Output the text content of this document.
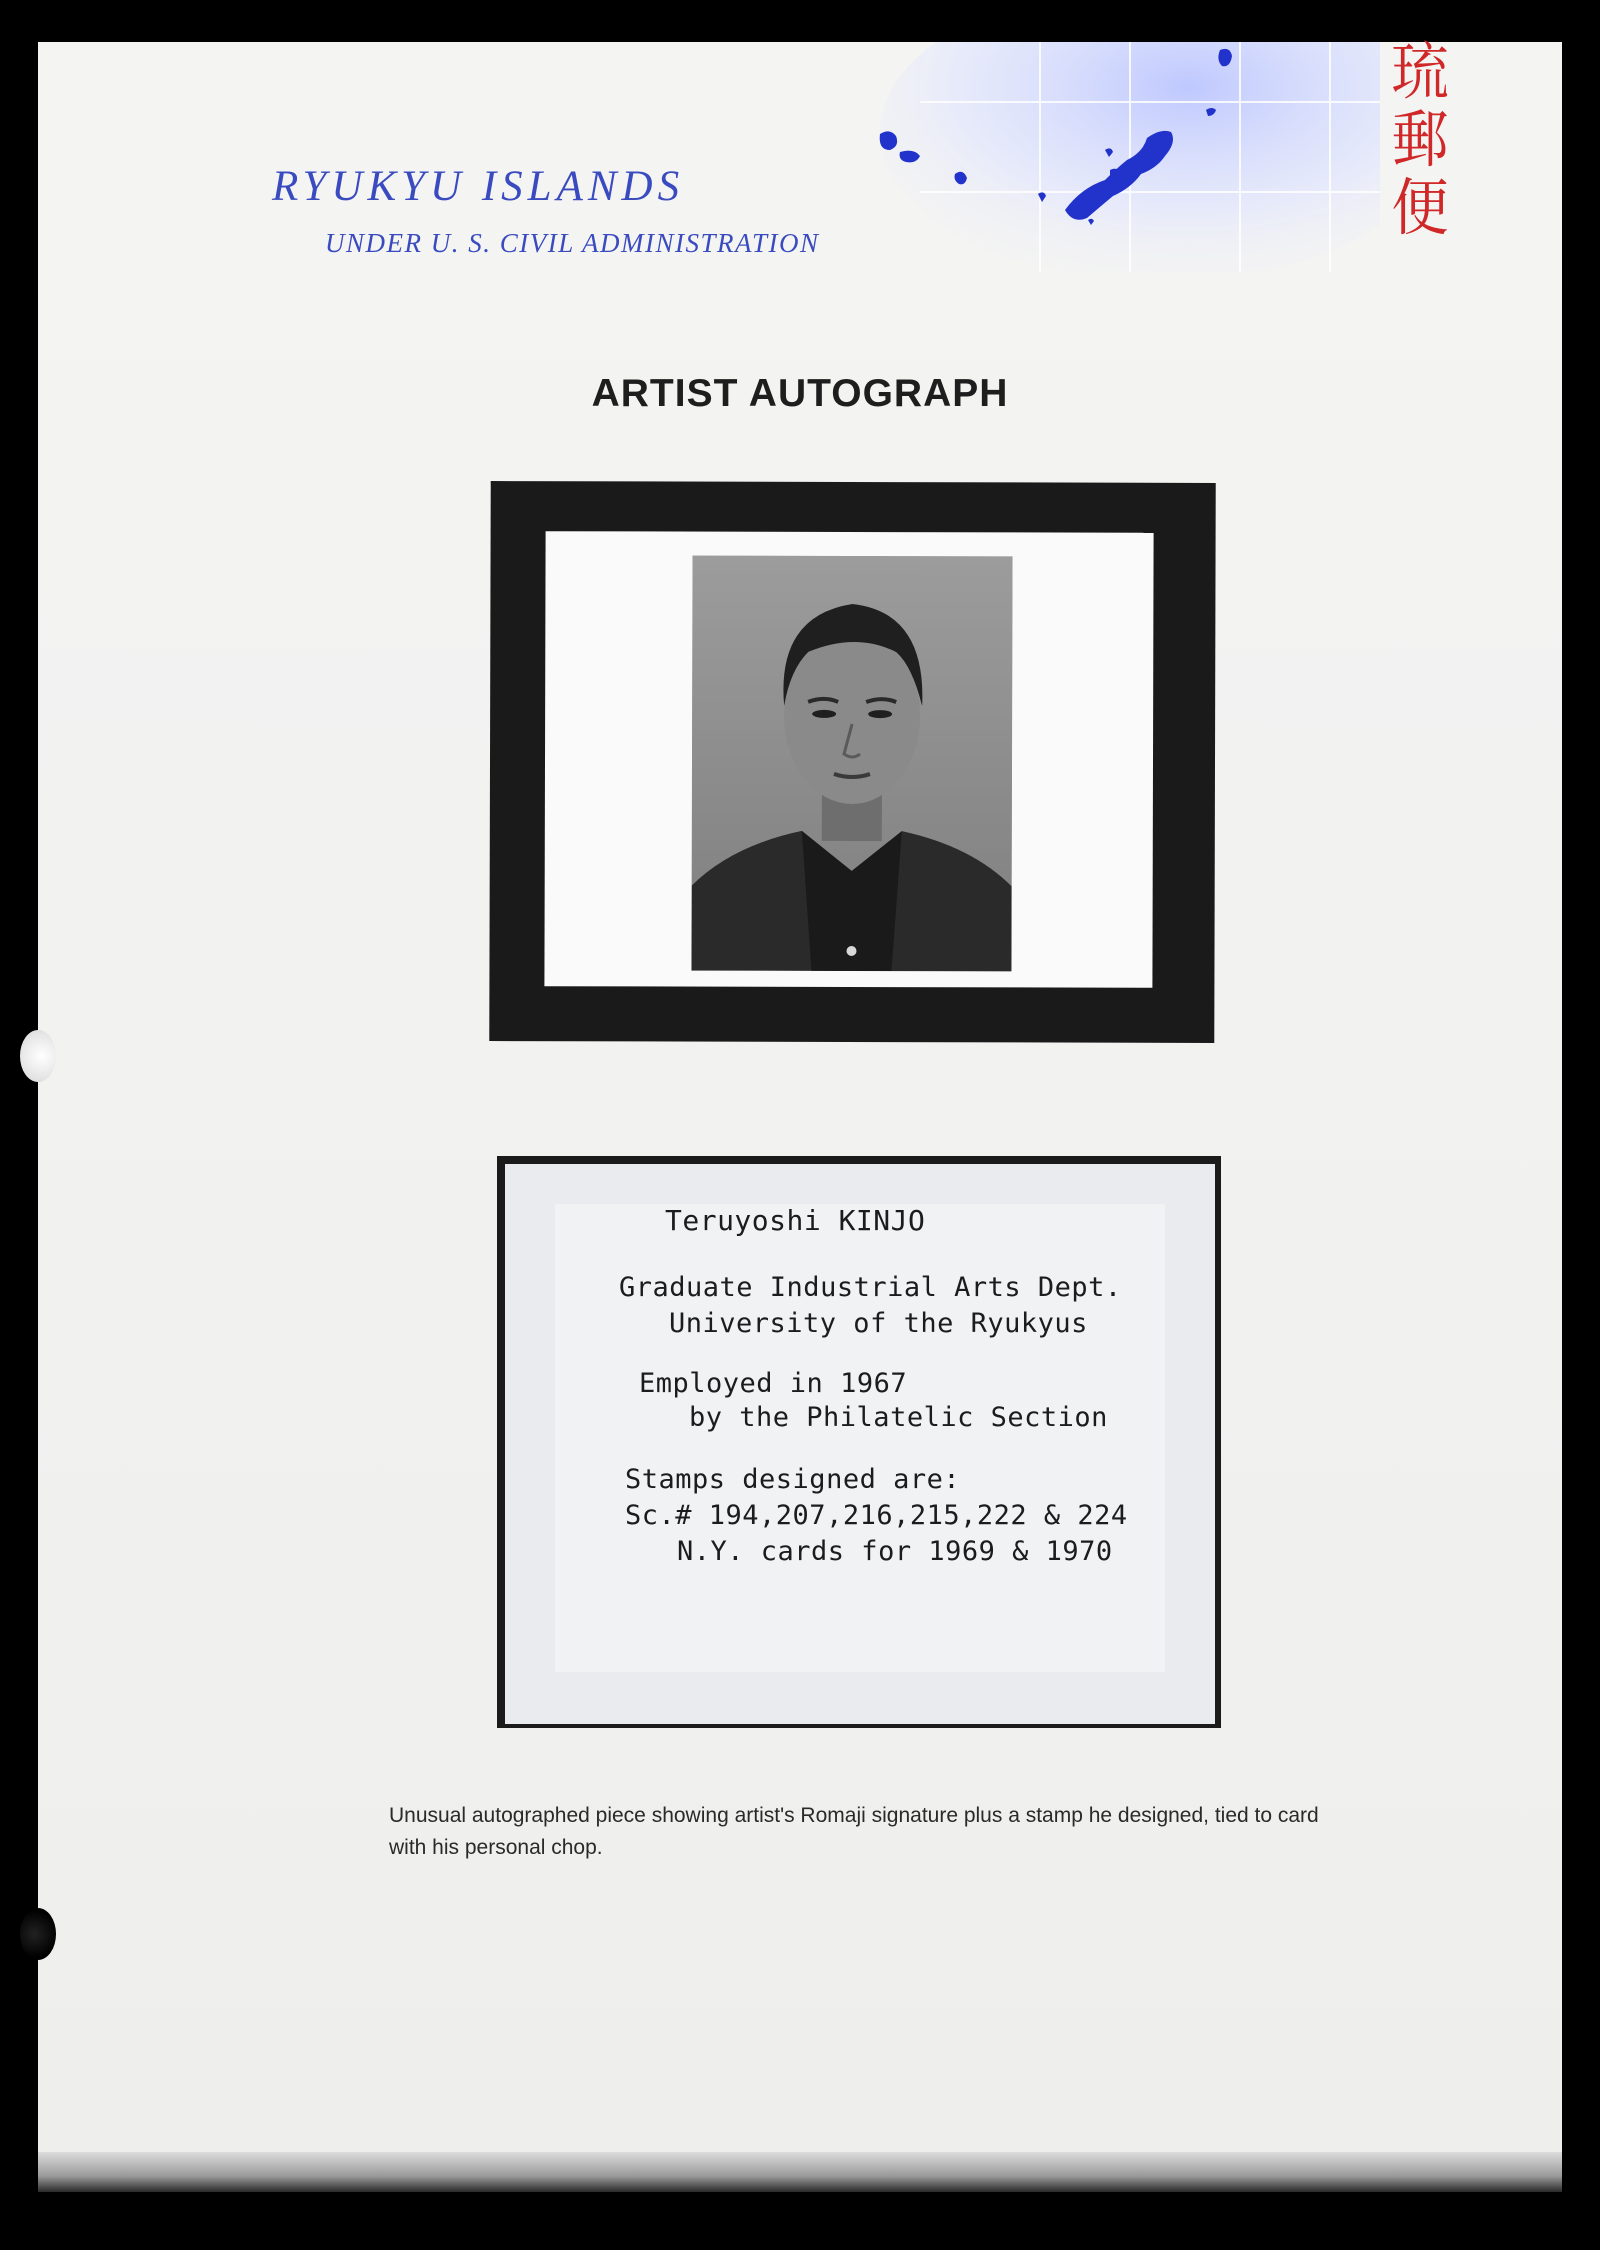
RYUKYU ISLANDS
UNDER U. S. CIVIL ADMINISTRATION
琉
郵
便
ARTIST AUTOGRAPH
Teruyoshi KINJO
Graduate Industrial Arts Dept.
University of the Ryukyus
Employed in 1967
by the Philatelic Section
Stamps designed are:
Sc.# 194,207,216,215,222 & 224
N.Y. cards for 1969 & 1970

Unusual autographed piece showing artist's Romaji signature plus a stamp he designed, tied to card with his personal chop.
